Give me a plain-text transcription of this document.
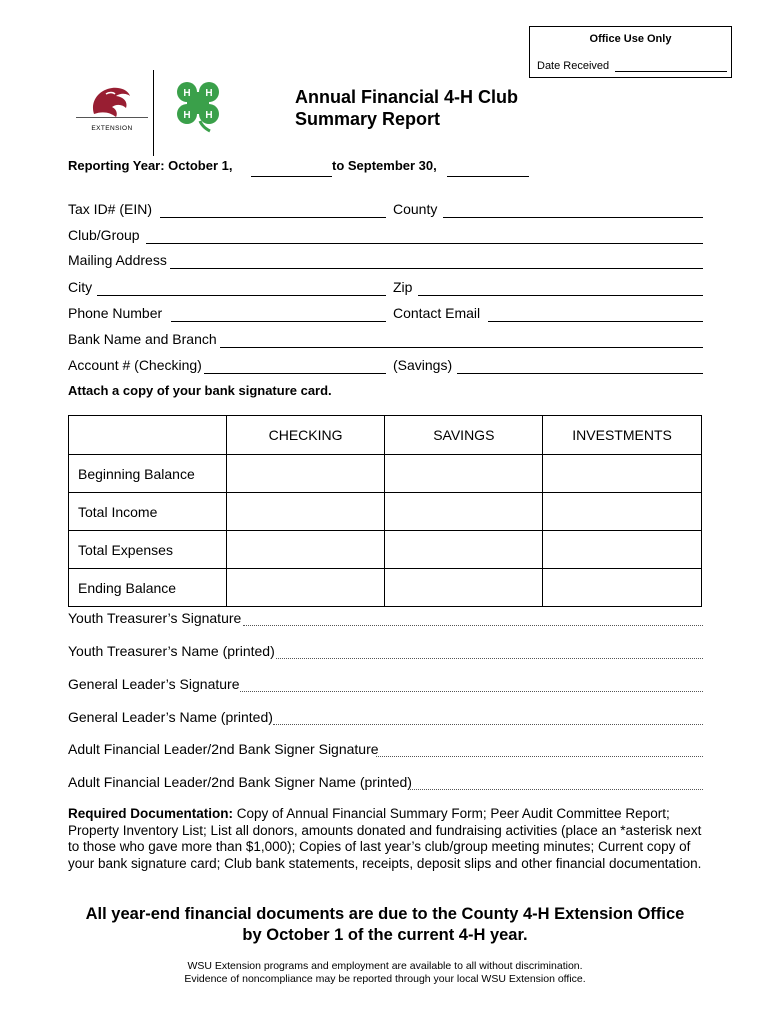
Office Use Only
Date Received
EXTENSION
H H
H H
Annual Financial 4-H Club
Summary Report
Reporting Year: October 1,	to September 30,
Tax ID# (EIN)	County
Club/Group
Mailing Address
City	Zip
Phone Number	Contact Email
Bank Name and Branch
Account # (Checking)	(Savings)
Attach a copy of your bank signature card.
	CHECKING	SAVINGS	INVESTMENTS
Beginning Balance			
Total Income			
Total Expenses			
Ending Balance			
Youth Treasurer’s Signature
Youth Treasurer’s Name (printed)
General Leader’s Signature
General Leader’s Name (printed)
Adult Financial Leader/2nd Bank Signer Signature
Adult Financial Leader/2nd Bank Signer Name (printed)
Required Documentation: Copy of Annual Financial Summary Form; Peer Audit Committee Report; Property Inventory List; List all donors, amounts donated and fundraising activities (place an *asterisk next to those who gave more than $1,000); Copies of last year’s club/group meeting minutes; Current copy of your bank signature card; Club bank statements, receipts, deposit slips and other financial documentation.
All year-end financial documents are due to the County 4-H Extension Office
by October 1 of the current 4-H year.
WSU Extension programs and employment are available to all without discrimination.
Evidence of noncompliance may be reported through your local WSU Extension office.
